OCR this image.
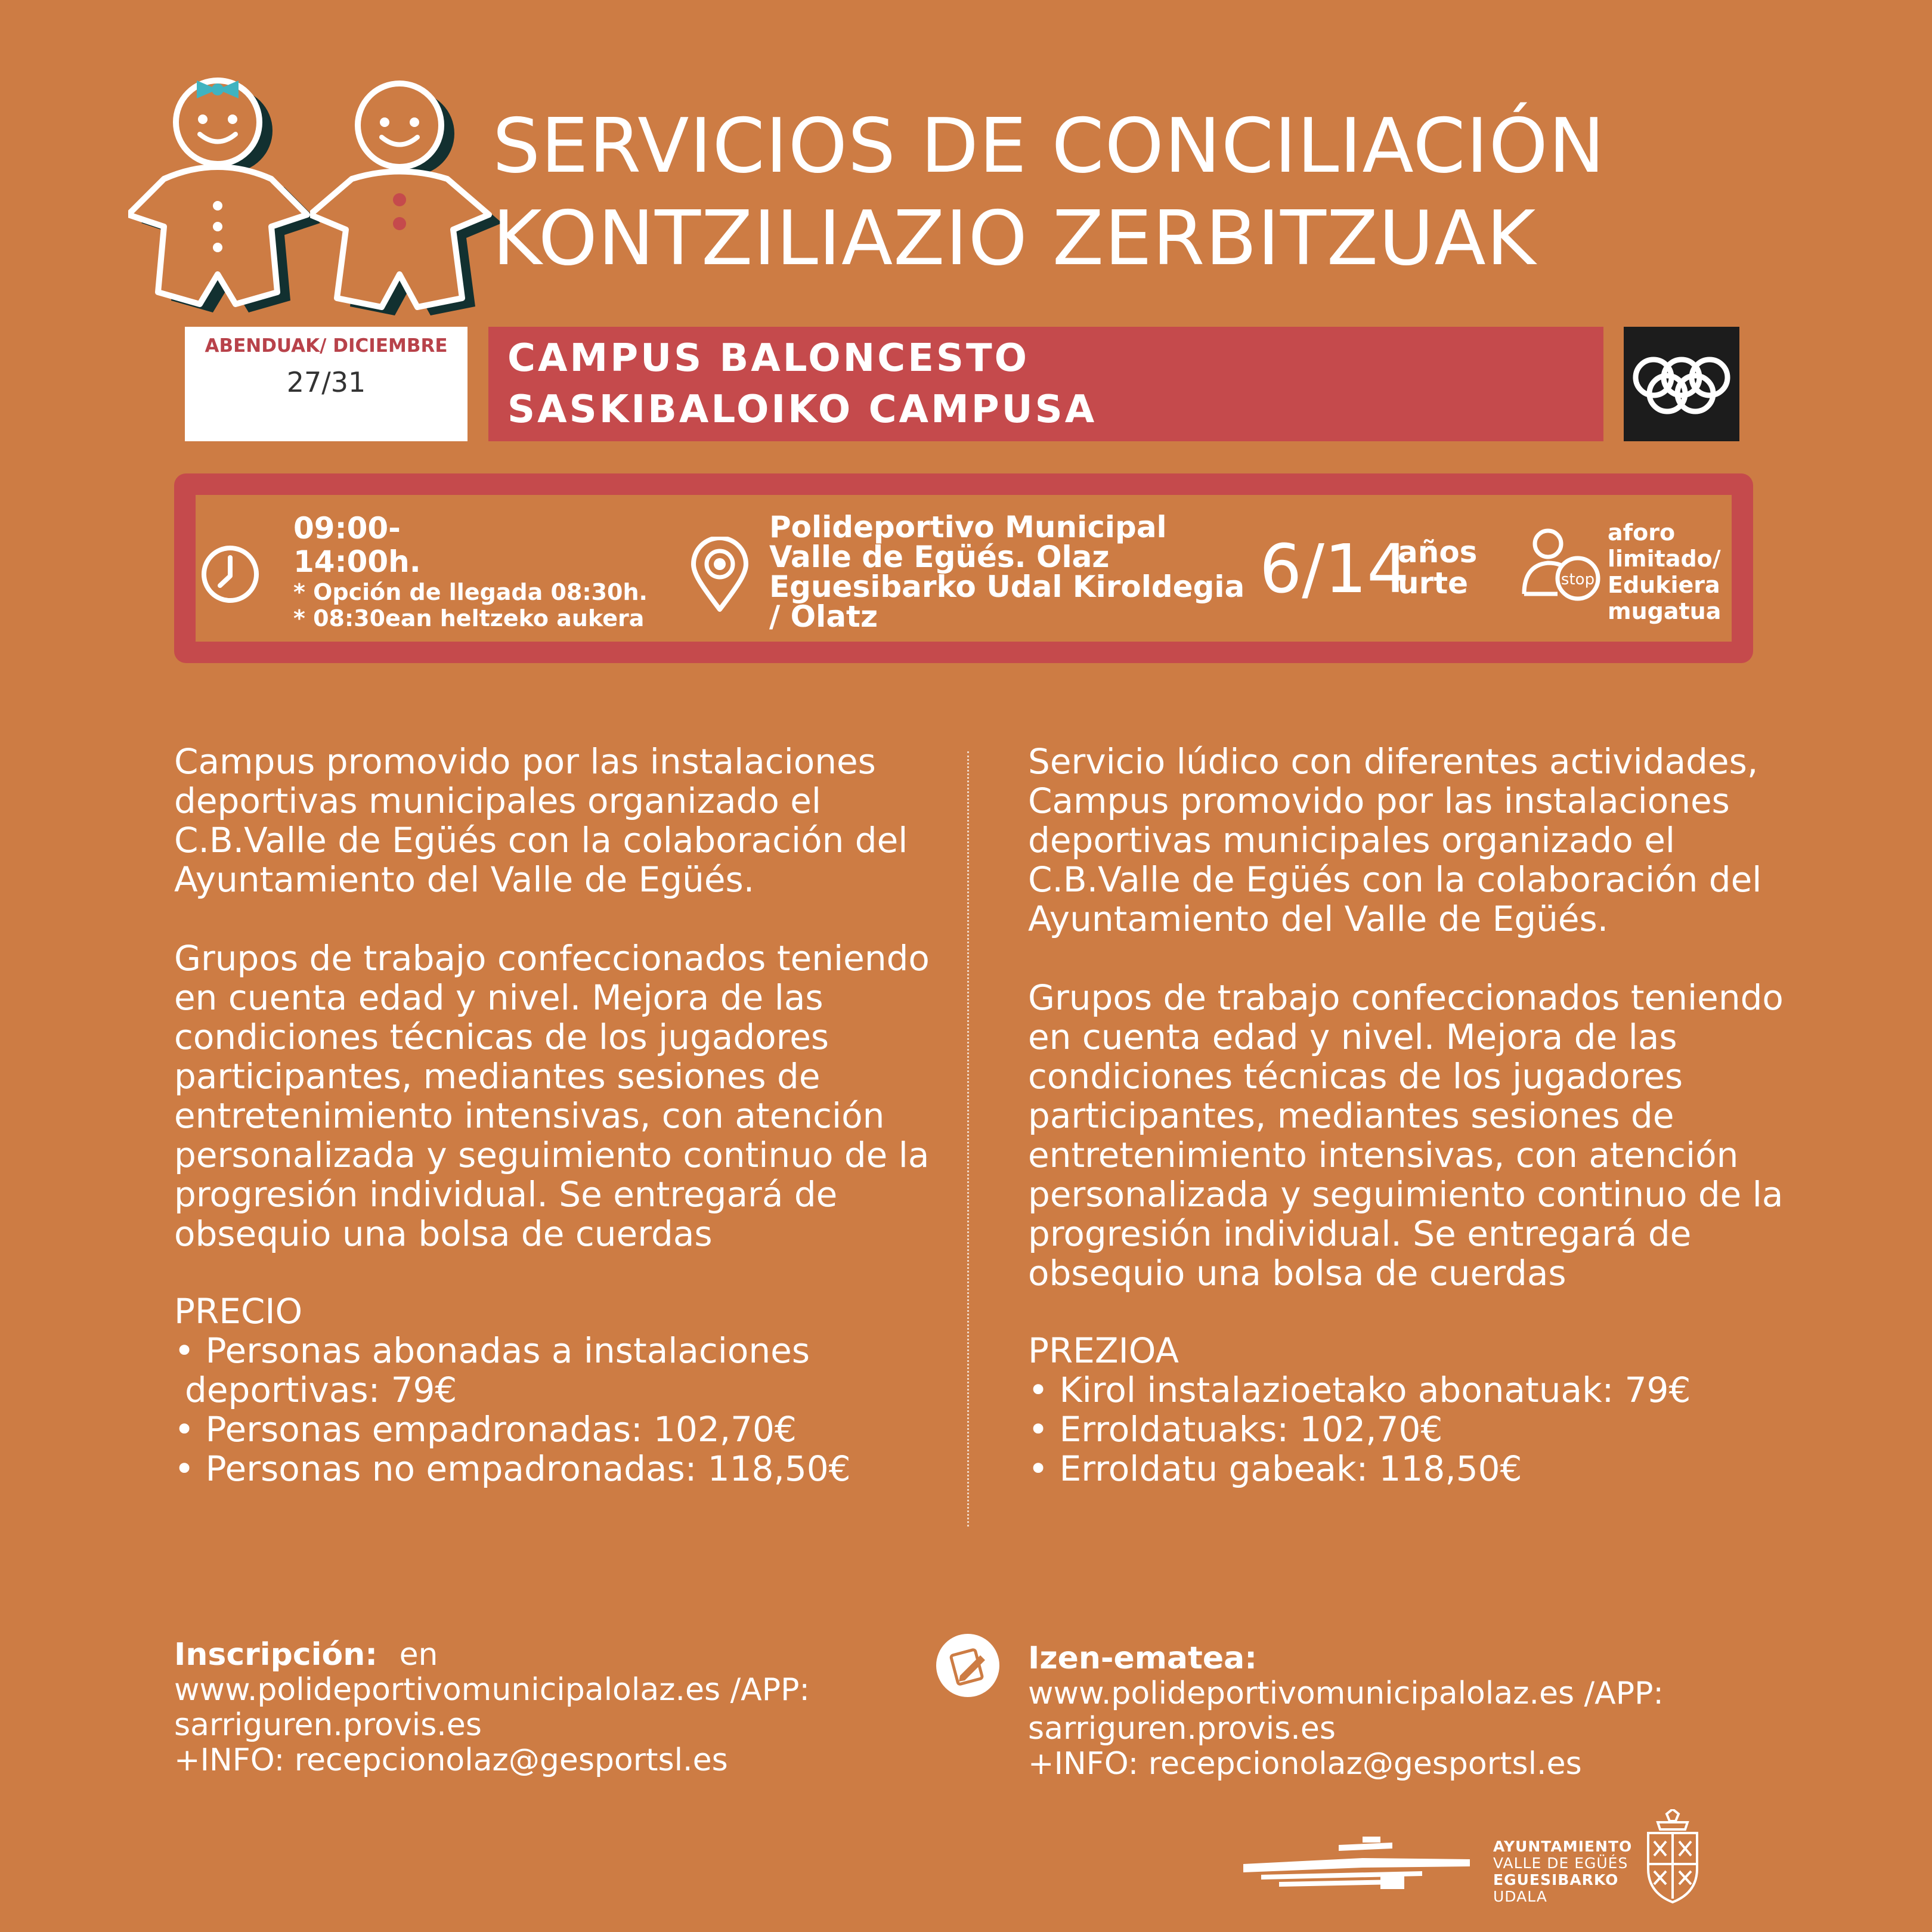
SERVICIOS DE CONCILIACIÓN
KONTZILIAZIO ZERBITZUAK
ABENDUAK/ DICIEMBRE
27/31
CAMPUS BALONCESTO
SASKIBALOIKO CAMPUSA
09:00-
14:00h.
* Opción de llegada 08:30h.
* 08:30ean heltzeko aukera
Polideportivo Municipal
Valle de Egüés. Olaz
Eguesibarko Udal Kiroldegia
/ Olatz
6/14
años
urte	stop
aforo
limitado/
Edukiera
mugatua
Campus promovido por las instalaciones
deportivas municipales organizado el
C.B.Valle de Egüés con la colaboración del
Ayuntamiento del Valle de Egüés.
Grupos de trabajo confeccionados teniendo
en cuenta edad y nivel. Mejora de las
condiciones técnicas de los jugadores
participantes, mediantes sesiones de
entretenimiento intensivas, con atención
personalizada y seguimiento continuo de la
progresión individual. Se entregará de
obsequio una bolsa de cuerdas
PRECIO
• Personas abonadas a instalaciones
deportivas: 79€
• Personas empadronadas: 102,70€
• Personas no empadronadas: 118,50€
Servicio lúdico con diferentes actividades,
Campus promovido por las instalaciones
deportivas municipales organizado el
C.B.Valle de Egüés con la colaboración del
Ayuntamiento del Valle de Egüés.
Grupos de trabajo confeccionados teniendo
en cuenta edad y nivel. Mejora de las
condiciones técnicas de los jugadores
participantes, mediantes sesiones de
entretenimiento intensivas, con atención
personalizada y seguimiento continuo de la
progresión individual. Se entregará de
obsequio una bolsa de cuerdas
PREZIOA
• Kirol instalazioetako abonatuak: 79€
• Erroldatuaks: 102,70€
• Erroldatu gabeak: 118,50€
Inscripción: en
www.polideportivomunicipalolaz.es /APP:
sarriguren.provis.es
+INFO: recepcionolaz@gesportsl.es
Izen-ematea:
www.polideportivomunicipalolaz.es /APP:
sarriguren.provis.es
+INFO: recepcionolaz@gesportsl.es
AYUNTAMIENTO
VALLE DE EGÜÉS
EGUESIBARKO
UDALA
